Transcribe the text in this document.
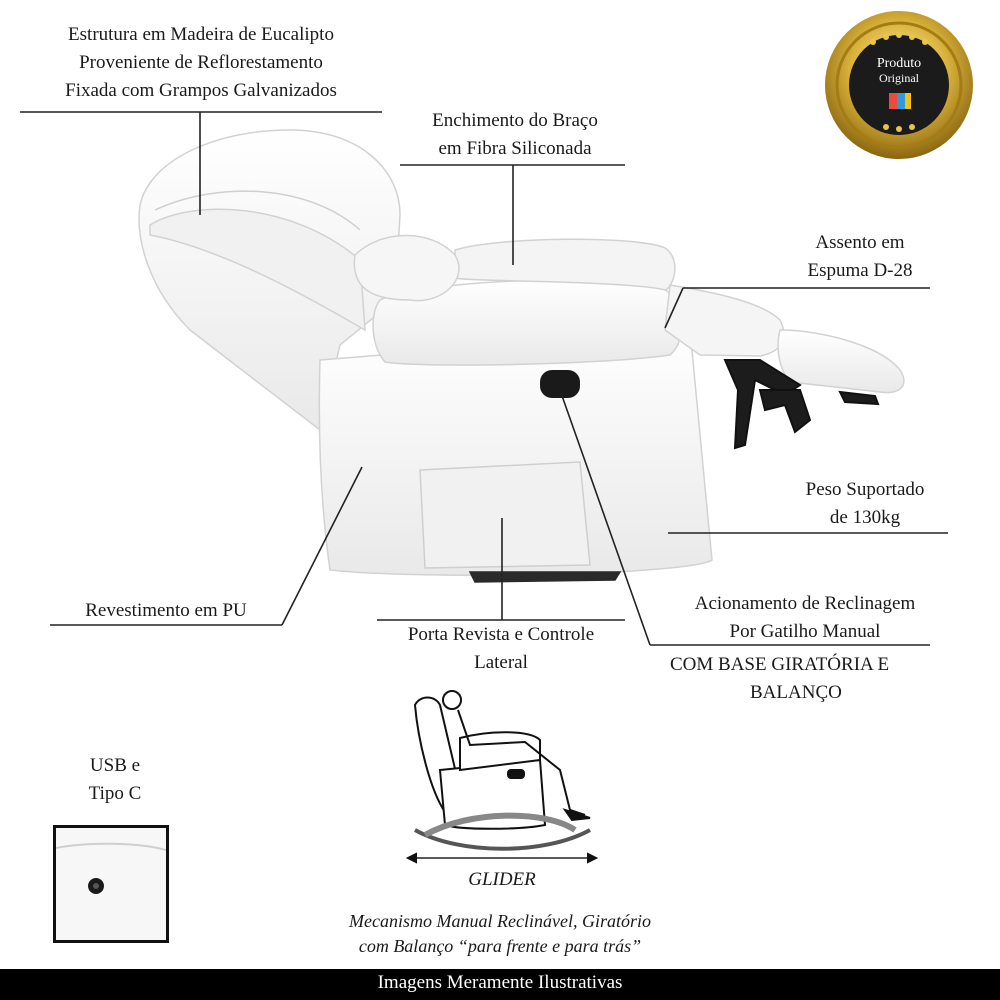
Produto
Original
Estrutura em Madeira de Eucalipto
Proveniente de Reflorestamento
Fixada com Grampos Galvanizados
Enchimento do Braço
em Fibra Siliconada
Assento em
Espuma D-28
Peso Suportado
de 130kg
Revestimento em PU
Porta Revista e Controle
Lateral
Acionamento de Reclinagem
Por Gatilho Manual
COM BASE GIRATÓRIA E
BALANÇO
USB e
Tipo C
GLIDER
Mecanismo Manual Reclinável, Giratório
com Balanço “para frente e para trás”
Imagens Meramente Ilustrativas
